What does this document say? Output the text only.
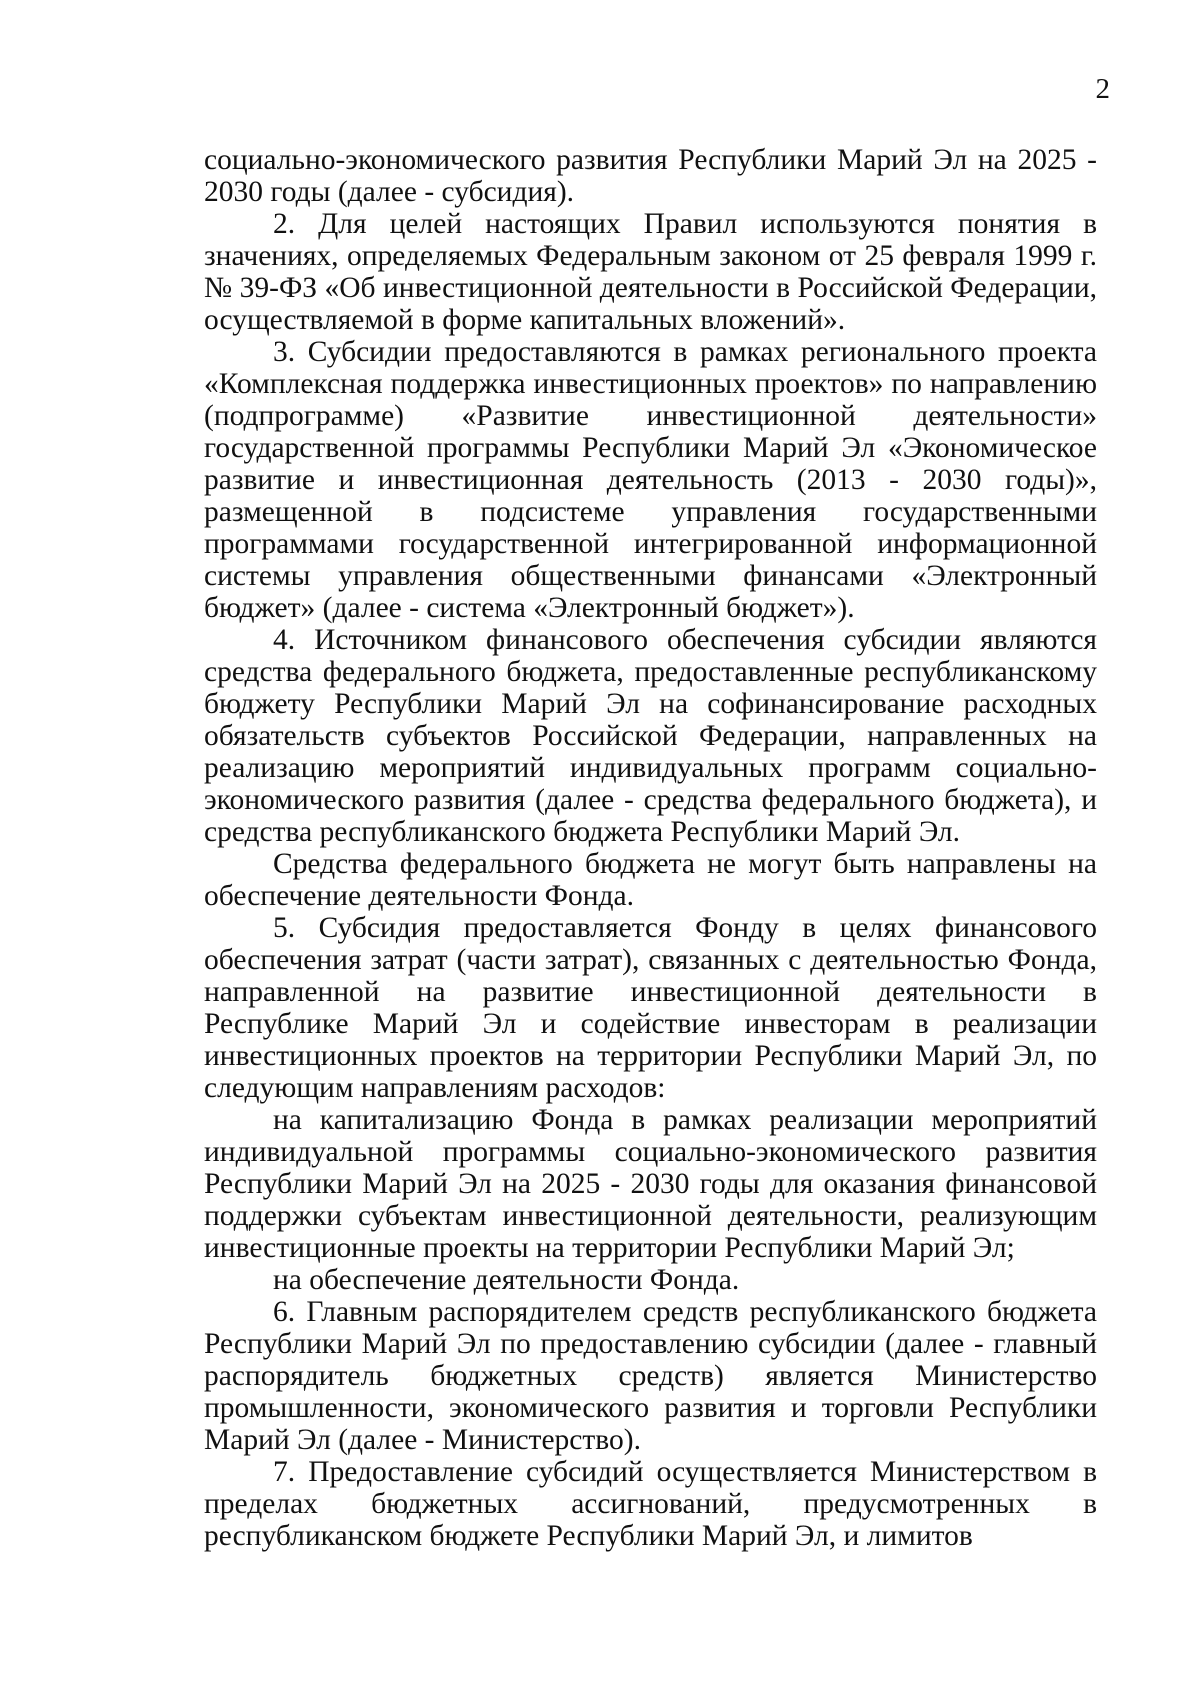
2

социально-экономического развития Республики Марий Эл на 2025 - 2030 годы (далее - субсидия).

2. Для целей настоящих Правил используются понятия в значениях, определяемых Федеральным законом от 25 февраля 1999 г. № 39-ФЗ «Об инвестиционной деятельности в Российской Федерации, осуществляемой в форме капитальных вложений».

3. Субсидии предоставляются в рамках регионального проекта «Комплексная поддержка инвестиционных проектов» по направлению (подпрограмме) «Развитие инвестиционной деятельности» государственной программы Республики Марий Эл «Экономическое развитие и инвестиционная деятельность (2013 - 2030 годы)», размещенной в подсистеме управления государственными программами государственной интегрированной информационной системы управления общественными финансами «Электронный бюджет» (далее - система «Электронный бюджет»).

4. Источником финансового обеспечения субсидии являются средства федерального бюджета, предоставленные республиканскому бюджету Республики Марий Эл на софинансирование расходных обязательств субъектов Российской Федерации, направленных на реализацию мероприятий индивидуальных программ социально-экономического развития (далее - средства федерального бюджета), и средства республиканского бюджета Республики Марий Эл.

Средства федерального бюджета не могут быть направлены на обеспечение деятельности Фонда.

5. Субсидия предоставляется Фонду в целях финансового обеспечения затрат (части затрат), связанных с деятельностью Фонда, направленной на развитие инвестиционной деятельности в Республике Марий Эл и содействие инвесторам в реализации инвестиционных проектов на территории Республики Марий Эл, по следующим направлениям расходов:

на капитализацию Фонда в рамках реализации мероприятий индивидуальной программы социально-экономического развития Республики Марий Эл на 2025 - 2030 годы для оказания финансовой поддержки субъектам инвестиционной деятельности, реализующим инвестиционные проекты на территории Республики Марий Эл;

на обеспечение деятельности Фонда.

6. Главным распорядителем средств республиканского бюджета Республики Марий Эл по предоставлению субсидии (далее - главный распорядитель бюджетных средств) является Министерство промышленности, экономического развития и торговли Республики Марий Эл (далее - Министерство).

7. Предоставление субсидий осуществляется Министерством в пределах бюджетных ассигнований, предусмотренных в республиканском бюджете Республики Марий Эл, и лимитов
